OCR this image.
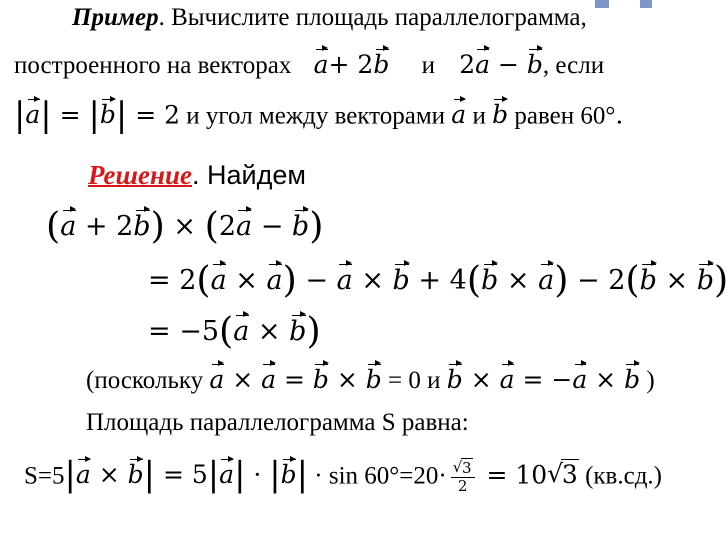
Пример. Вычислите площадь параллелограмма,
построенного на векторах a+ 2b и 2a − b, если
|a| = |b| = 2 и угол между векторами a и b равен 60°.
Решение. Найдем
(a + 2b) × (2a − b)
= 2(a × a) − a × b + 4(b × a) − 2(b × b)
= −5(a × b)
(поскольку a × a = b × b = 0 и b × a = −a × b )
Площадь параллелограмма S равна:
$S=5|a \times b| = 5|a| \cdot |b| \cdot \sin 60^\circ=20\cdot \frac{√ 3}{2} = 10$ √
3 (кв.сд.)
